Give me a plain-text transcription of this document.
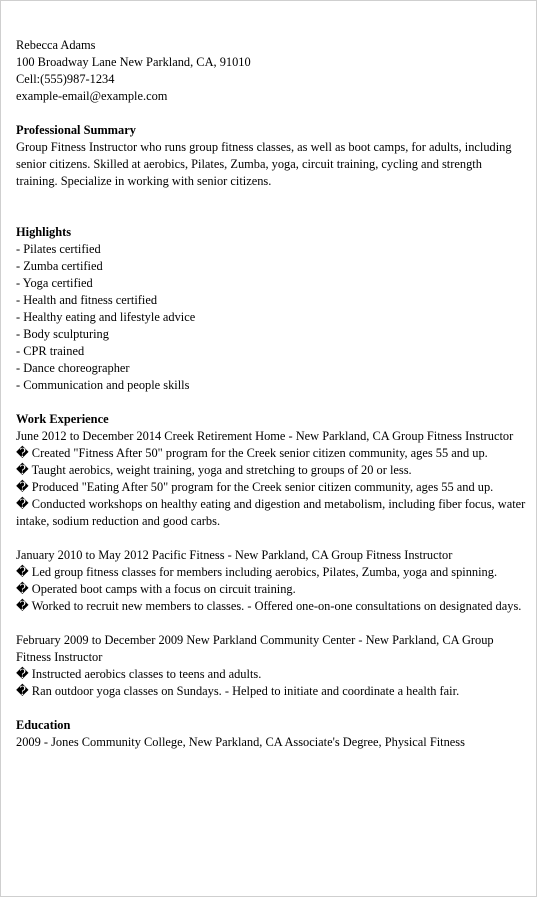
Rebecca Adams
100 Broadway Lane New Parkland, CA, 91010
Cell:(555)987-1234
example-email@example.com
Professional Summary

Group Fitness Instructor who runs group fitness classes, as well as boot camps, for adults, including senior citizens. Skilled at aerobics, Pilates, Zumba, yoga, circuit training, cycling and strength training. Specialize in working with senior citizens.

Highlights
- Pilates certified
- Zumba certified
- Yoga certified
- Health and fitness certified
- Healthy eating and lifestyle advice
- Body sculpturing
- CPR trained
- Dance choreographer
- Communication and people skills
Work Experience
June 2012 to December 2014 Creek Retirement Home - New Parkland, CA Group Fitness Instructor
� Created "Fitness After 50" program for the Creek senior citizen community, ages 55 and up.
� Taught aerobics, weight training, yoga and stretching to groups of 20 or less.
� Produced "Eating After 50" program for the Creek senior citizen community, ages 55 and up.
� Conducted workshops on healthy eating and digestion and metabolism, including fiber focus, water intake, sodium reduction and good carbs.
January 2010 to May 2012 Pacific Fitness - New Parkland, CA Group Fitness Instructor
� Led group fitness classes for members including aerobics, Pilates, Zumba, yoga and spinning.
� Operated boot camps with a focus on circuit training.
� Worked to recruit new members to classes. - Offered one-on-one consultations on designated days.
February 2009 to December 2009 New Parkland Community Center - New Parkland, CA Group Fitness Instructor
� Instructed aerobics classes to teens and adults.
� Ran outdoor yoga classes on Sundays. - Helped to initiate and coordinate a health fair.
Education

2009 - Jones Community College, New Parkland, CA Associate's Degree, Physical Fitness
